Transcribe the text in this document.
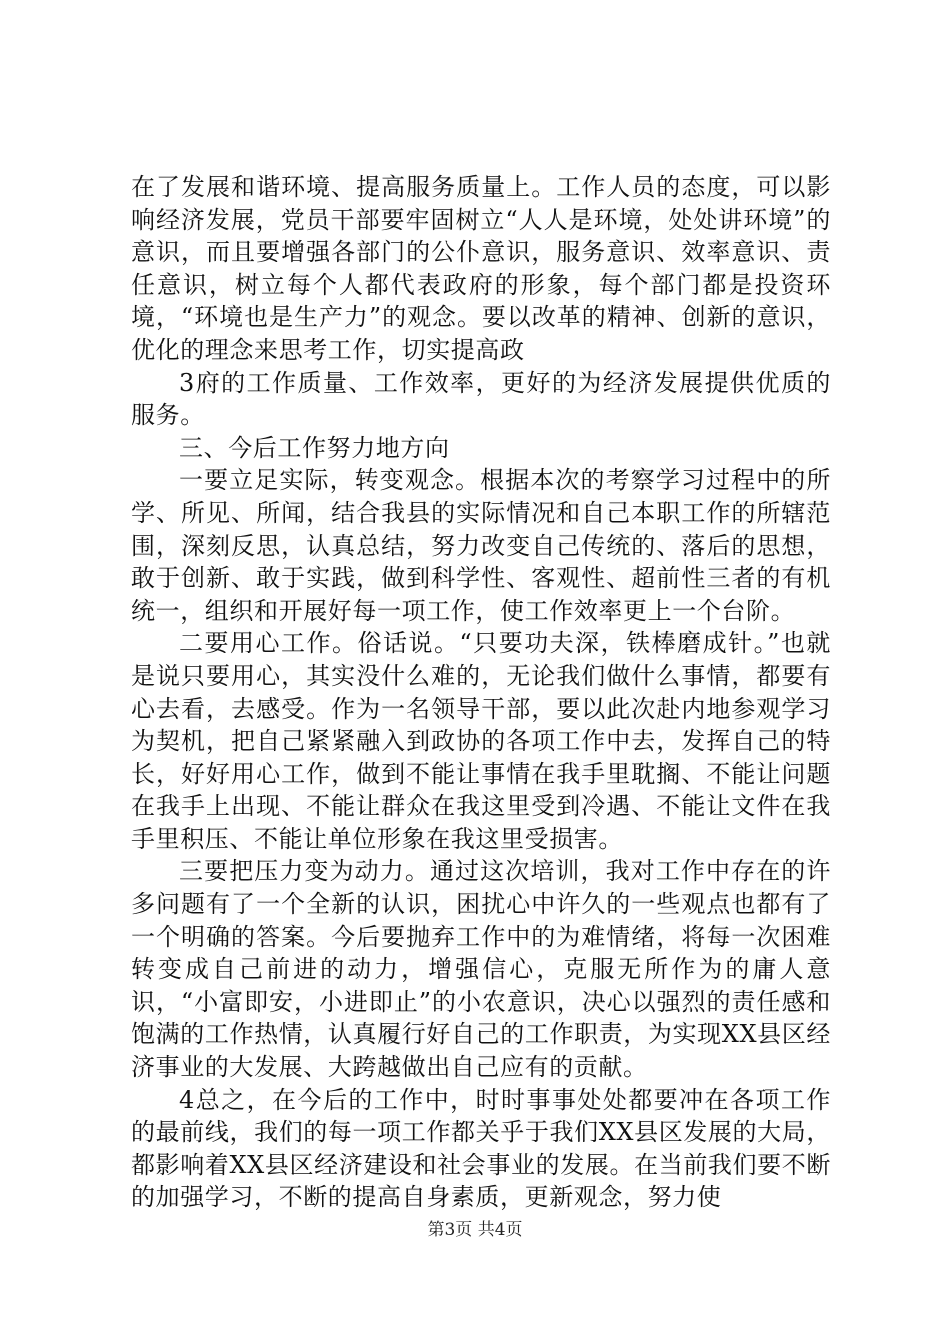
在了发展和谐环境、提高服务质量上。工作人员的态度，可以影响经济发展，党员干部要牢固树立“人人是环境，处处讲环境”的意识，而且要增强各部门的公仆意识，服务意识、效率意识、责任意识，树立每个人都代表政府的形象，每个部门都是投资环境，“环境也是生产力”的观念。要以改革的精神、创新的意识，优化的理念来思考工作，切实提高政

3府的工作质量、工作效率，更好的为经济发展提供优质的服务。

三、今后工作努力地方向

一要立足实际，转变观念。根据本次的考察学习过程中的所学、所见、所闻，结合我县的实际情况和自己本职工作的所辖范围，深刻反思，认真总结，努力改变自己传统的、落后的思想，敢于创新、敢于实践，做到科学性、客观性、超前性三者的有机统一，组织和开展好每一项工作，使工作效率更上一个台阶。

二要用心工作。俗话说。“只要功夫深，铁棒磨成针。”也就是说只要用心，其实没什么难的，无论我们做什么事情，都要有心去看，去感受。作为一名领导干部，要以此次赴内地参观学习为契机，把自己紧紧融入到政协的各项工作中去，发挥自己的特长，好好用心工作，做到不能让事情在我手里耽搁、不能让问题在我手上出现、不能让群众在我这里受到冷遇、不能让文件在我手里积压、不能让单位形象在我这里受损害。

三要把压力变为动力。通过这次培训，我对工作中存在的许多问题有了一个全新的认识，困扰心中许久的一些观点也都有了一个明确的答案。今后要抛弃工作中的为难情绪，将每一次困难转变成自己前进的动力，增强信心，克服无所作为的庸人意识，“小富即安，小进即止”的小农意识，决心以强烈的责任感和饱满的工作热情，认真履行好自己的工作职责，为实现XX县区经济事业的大发展、大跨越做出自己应有的贡献。

4总之，在今后的工作中，时时事事处处都要冲在各项工作的最前线，我们的每一项工作都关乎于我们XX县区发展的大局，都影响着XX县区经济建设和社会事业的发展。在当前我们要不断的加强学习，不断的提高自身素质，更新观念，努力使

第3页 共4页
